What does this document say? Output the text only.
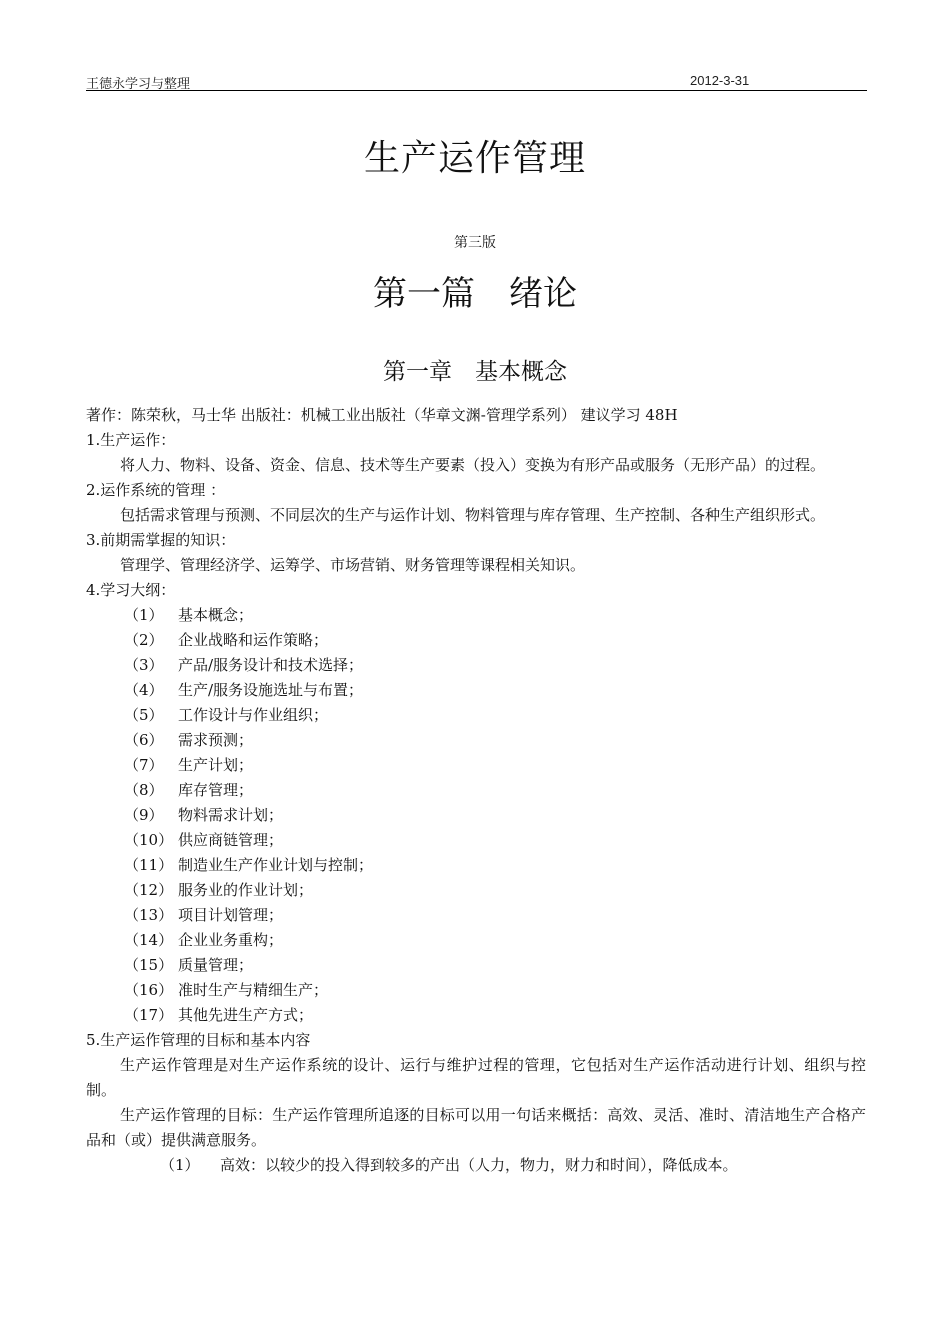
王德永学习与整理	2012-3-31
生产运作管理
第三版
第一篇　绪论
第一章　基本概念
著作：陈荣秋，马士华 出版社：机械工业出版社（华章文渊-管理学系列） 建议学习 48H
1.生产运作：
将人力、物料、设备、资金、信息、技术等生产要素（投入）变换为有形产品或服务（无形产品）的过程。
2.运作系统的管理 ：
包括需求管理与预测、不同层次的生产与运作计划、物料管理与库存管理、生产控制、各种生产组织形式。
3.前期需掌握的知识：
管理学、管理经济学、运筹学、市场营销、财务管理等课程相关知识。
4.学习大纲：
（1） 基本概念；
（2） 企业战略和运作策略；
（3） 产品/服务设计和技术选择；
（4） 生产/服务设施选址与布置；
（5） 工作设计与作业组织；
（6） 需求预测；
（7） 生产计划；
（8） 库存管理；
（9） 物料需求计划；
（10） 供应商链管理；
（11） 制造业生产作业计划与控制；
（12） 服务业的作业计划；
（13） 项目计划管理；
（14） 企业业务重构；
（15） 质量管理；
（16） 准时生产与精细生产；
（17） 其他先进生产方式；
5.生产运作管理的目标和基本内容
生产运作管理是对生产运作系统的设计、运行与维护过程的管理，它包括对生产运作活动进行计划、组织与控制。
生产运作管理的目标：生产运作管理所追逐的目标可以用一句话来概括：高效、灵活、准时、清洁地生产合格产品和（或）提供满意服务。
（1） 高效：以较少的投入得到较多的产出（人力，物力，财力和时间），降低成本。
